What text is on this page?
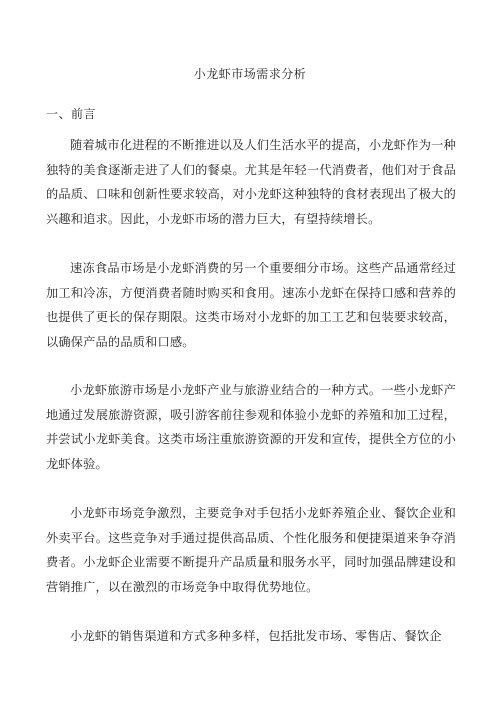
小龙虾市场需求分析
一、前言

随着城市化进程的不断推进以及人们生活水平的提高，小龙虾作为一种独特的美食逐渐走进了人们的餐桌。尤其是年轻一代消费者，他们对于食品的品质、口味和创新性要求较高，对小龙虾这种独特的食材表现出了极大的兴趣和追求。因此，小龙虾市场的潜力巨大，有望持续增长。

速冻食品市场是小龙虾消费的另一个重要细分市场。这些产品通常经过加工和冷冻，方便消费者随时购买和食用。速冻小龙虾在保持口感和营养的也提供了更长的保存期限。这类市场对小龙虾的加工工艺和包装要求较高，以确保产品的品质和口感。

小龙虾旅游市场是小龙虾产业与旅游业结合的一种方式。一些小龙虾产地通过发展旅游资源，吸引游客前往参观和体验小龙虾的养殖和加工过程，并尝试小龙虾美食。这类市场注重旅游资源的开发和宣传，提供全方位的小龙虾体验。

小龙虾市场竞争激烈，主要竞争对手包括小龙虾养殖企业、餐饮企业和外卖平台。这些竞争对手通过提供高品质、个性化服务和便捷渠道来争夺消费者。小龙虾企业需要不断提升产品质量和服务水平，同时加强品牌建设和营销推广，以在激烈的市场竞争中取得优势地位。

小龙虾的销售渠道和方式多种多样，包括批发市场、零售店、餐饮企
